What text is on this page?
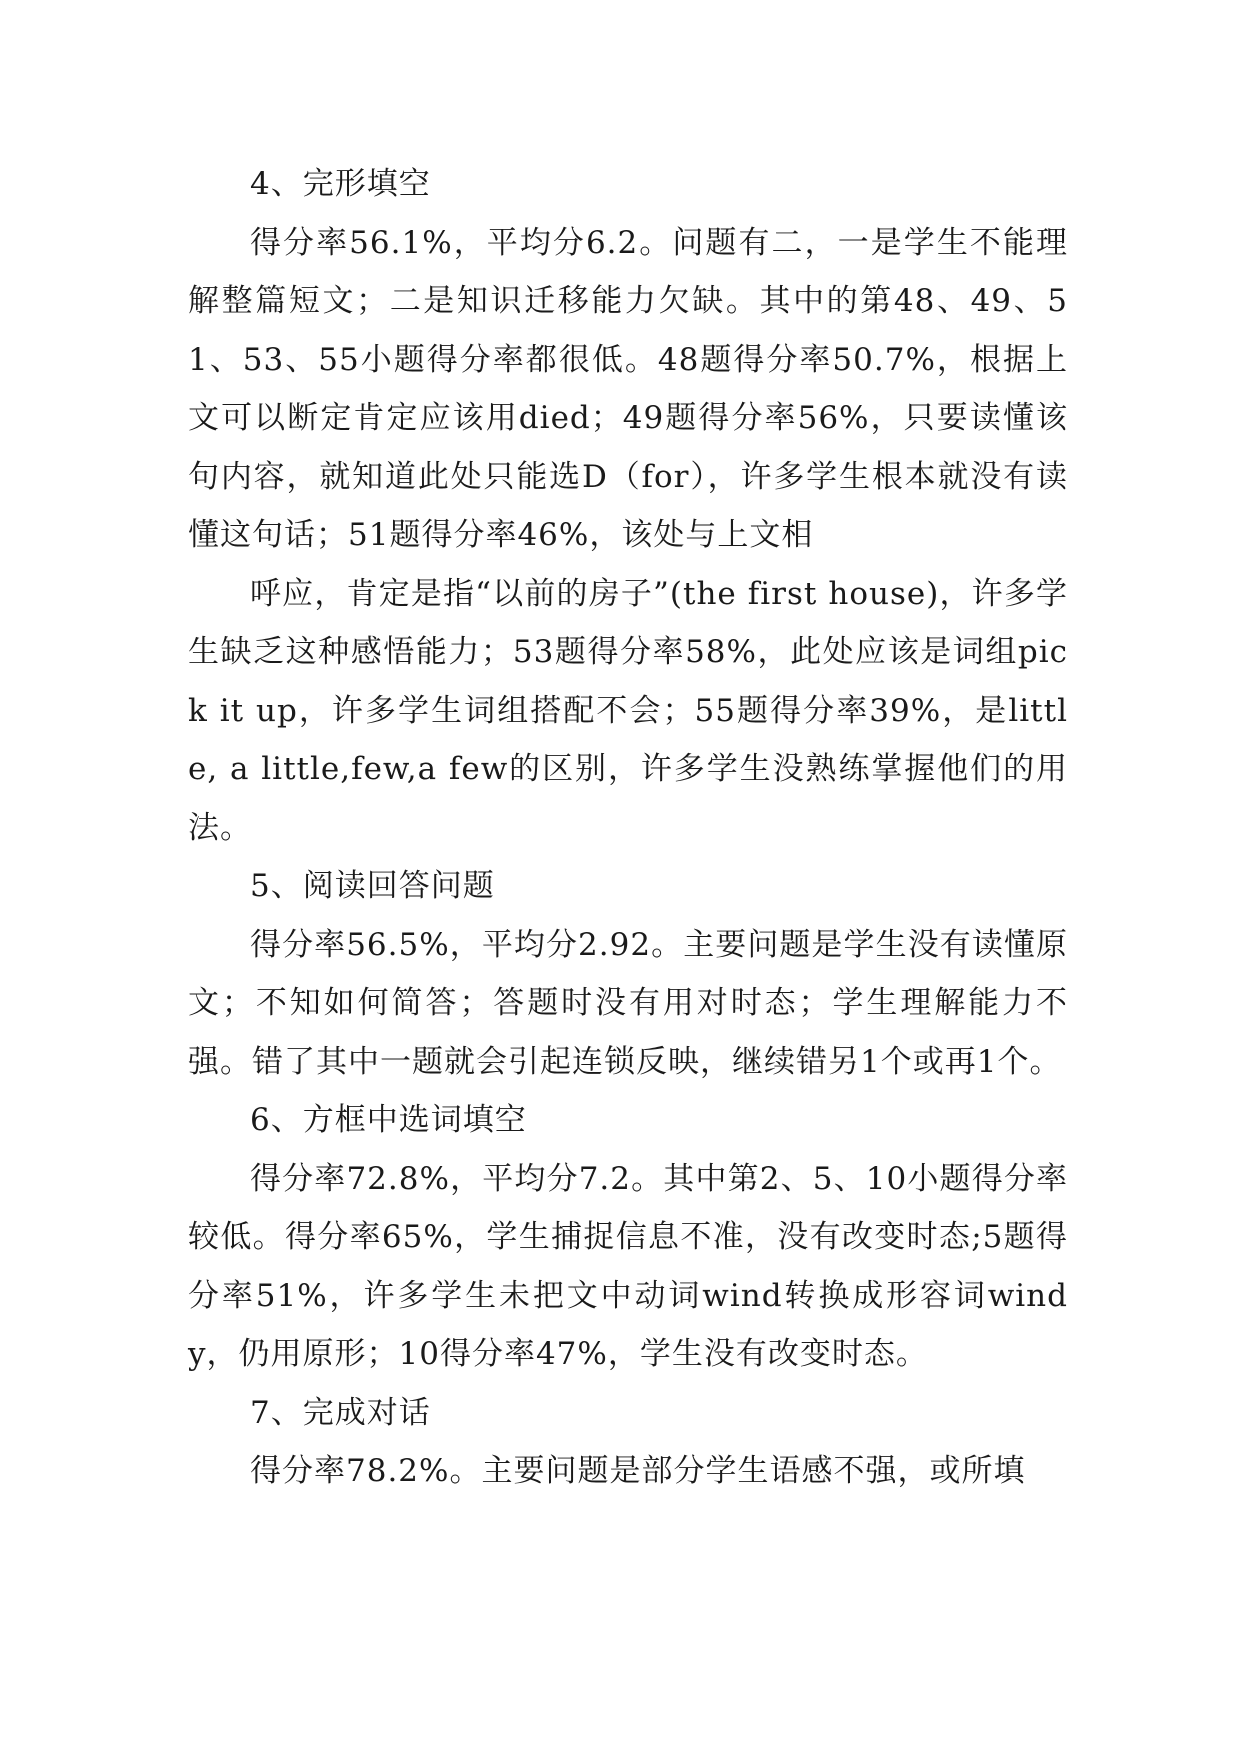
4、完形填空

得分率56.1%，平均分6.2。问题有二，一是学生不能理解整篇短文；二是知识迁移能力欠缺。其中的第48、49、51、53、55小题得分率都很低。48题得分率50.7%，根据上文可以断定肯定应该用died；49题得分率56%，只要读懂该句内容，就知道此处只能选D（for），许多学生根本就没有读懂这句话；51题得分率46%，该处与上文相

呼应，肯定是指“以前的房子”(the first house)，许多学生缺乏这种感悟能力；53题得分率58%，此处应该是词组pick it up，许多学生词组搭配不会；55题得分率39%，是little, a little,few,a few的区别，许多学生没熟练掌握他们的用法。

5、阅读回答问题

得分率56.5%，平均分2.92。主要问题是学生没有读懂原文；不知如何简答；答题时没有用对时态；学生理解能力不强。错了其中一题就会引起连锁反映，继续错另1个或再1个。

6、方框中选词填空

得分率72.8%，平均分7.2。其中第2、5、10小题得分率较低。得分率65%，学生捕捉信息不准，没有改变时态;5题得分率51%，许多学生未把文中动词wind转换成形容词windy，仍用原形；10得分率47%，学生没有改变时态。

7、完成对话

得分率78.2%。主要问题是部分学生语感不强，或所填
